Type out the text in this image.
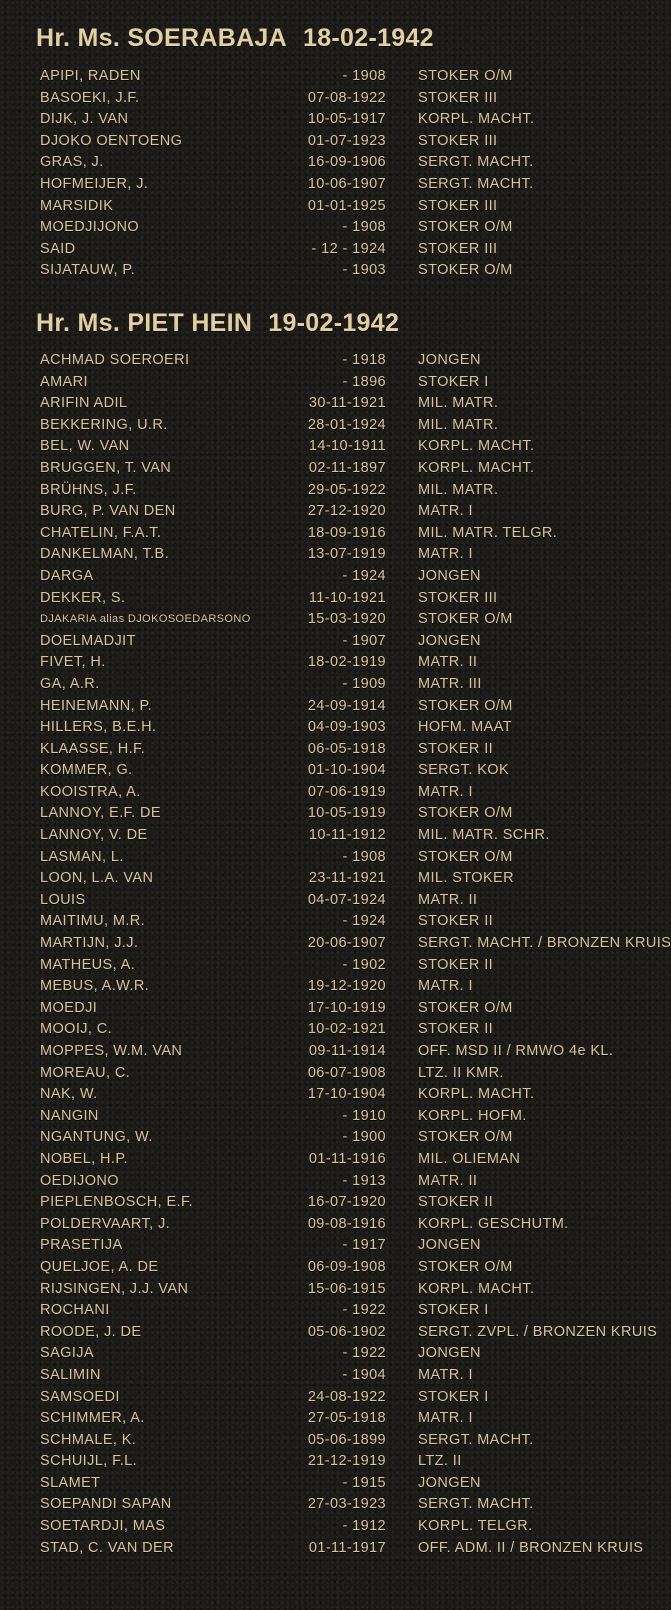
Hr. Ms. SOERABAJA 18-02-1942
APIPI, RADEN	- 1908 STOKER O/M
BASOEKI, J.F.	07-08-1922 STOKER III
DIJK, J. VAN	10-05-1917 KORPL. MACHT.
DJOKO OENTOENG	01-07-1923 STOKER III
GRAS, J.	16-09-1906 SERGT. MACHT.
HOFMEIJER, J.	10-06-1907 SERGT. MACHT.
MARSIDIK	01-01-1925 STOKER III
MOEDJIJONO	- 1908 STOKER O/M
SAID	- 12 - 1924 STOKER III
SIJATAUW, P.	- 1903 STOKER O/M
Hr. Ms. PIET HEIN 19-02-1942
ACHMAD SOEROERI	- 1918 JONGEN
AMARI	- 1896 STOKER I
ARIFIN ADIL	30-11-1921 MIL. MATR.
BEKKERING, U.R.	28-01-1924 MIL. MATR.
BEL, W. VAN	14-10-1911 KORPL. MACHT.
BRUGGEN, T. VAN	02-11-1897 KORPL. MACHT.
BRÜHNS, J.F.	29-05-1922 MIL. MATR.
BURG, P. VAN DEN	27-12-1920 MATR. I
CHATELIN, F.A.T.	18-09-1916 MIL. MATR. TELGR.
DANKELMAN, T.B.	13-07-1919 MATR. I
DARGA	- 1924 JONGEN
DEKKER, S.	11-10-1921 STOKER III
DJAKARIA alias DJOKOSOEDARSONO	15-03-1920 STOKER O/M
DOELMADJIT	- 1907 JONGEN
FIVET, H.	18-02-1919 MATR. II
GA, A.R.	- 1909 MATR. III
HEINEMANN, P.	24-09-1914 STOKER O/M
HILLERS, B.E.H.	04-09-1903 HOFM. MAAT
KLAASSE, H.F.	06-05-1918 STOKER II
KOMMER, G.	01-10-1904 SERGT. KOK
KOOISTRA, A.	07-06-1919 MATR. I
LANNOY, E.F. DE	10-05-1919 STOKER O/M
LANNOY, V. DE	10-11-1912 MIL. MATR. SCHR.
LASMAN, L.	- 1908 STOKER O/M
LOON, L.A. VAN	23-11-1921 MIL. STOKER
LOUIS	04-07-1924 MATR. II
MAITIMU, M.R.	- 1924 STOKER II
MARTIJN, J.J.	20-06-1907 SERGT. MACHT. / BRONZEN KRUIS
MATHEUS, A.	- 1902 STOKER II
MEBUS, A.W.R.	19-12-1920 MATR. I
MOEDJI	17-10-1919 STOKER O/M
MOOIJ, C.	10-02-1921 STOKER II
MOPPES, W.M. VAN	09-11-1914 OFF. MSD II / RMWO 4e KL.
MOREAU, C.	06-07-1908 LTZ. II KMR.
NAK, W.	17-10-1904 KORPL. MACHT.
NANGIN	- 1910 KORPL. HOFM.
NGANTUNG, W.	- 1900 STOKER O/M
NOBEL, H.P.	01-11-1916 MIL. OLIEMAN
OEDIJONO	- 1913 MATR. II
PIEPLENBOSCH, E.F.	16-07-1920 STOKER II
POLDERVAART, J.	09-08-1916 KORPL. GESCHUTM.
PRASETIJA	- 1917 JONGEN
QUELJOE, A. DE	06-09-1908 STOKER O/M
RIJSINGEN, J.J. VAN	15-06-1915 KORPL. MACHT.
ROCHANI	- 1922 STOKER I
ROODE, J. DE	05-06-1902 SERGT. ZVPL. / BRONZEN KRUIS
SAGIJA	- 1922 JONGEN
SALIMIN	- 1904 MATR. I
SAMSOEDI	24-08-1922 STOKER I
SCHIMMER, A.	27-05-1918 MATR. I
SCHMALE, K.	05-06-1899 SERGT. MACHT.
SCHUIJL, F.L.	21-12-1919 LTZ. II
SLAMET	- 1915 JONGEN
SOEPANDI SAPAN	27-03-1923 SERGT. MACHT.
SOETARDJI, MAS	- 1912 KORPL. TELGR.
STAD, C. VAN DER	01-11-1917 OFF. ADM. II / BRONZEN KRUIS
